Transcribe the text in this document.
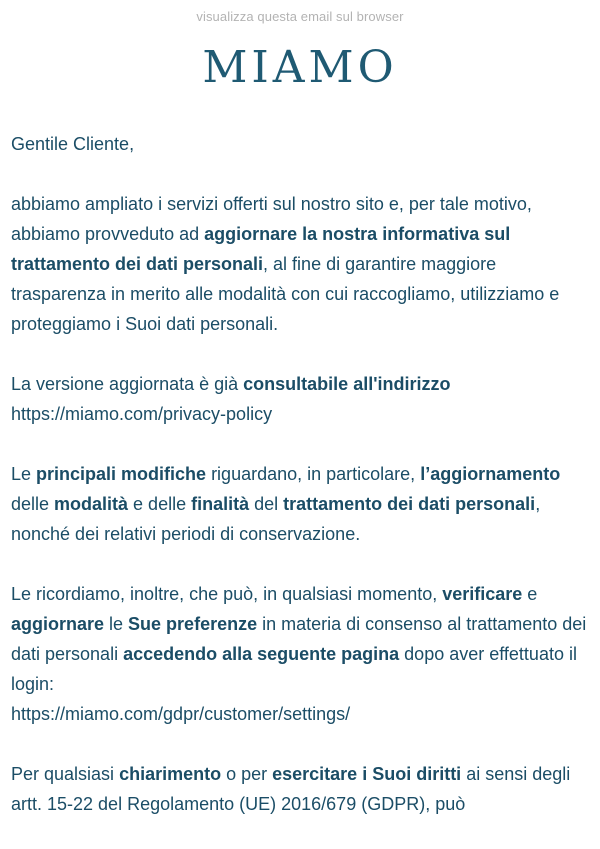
visualizza questa email sul browser
MIAMO

Gentile Cliente,

abbiamo ampliato i servizi offerti sul nostro sito e, per tale motivo, abbiamo provveduto ad aggiornare la nostra informativa sul trattamento dei dati personali, al fine di garantire maggiore trasparenza in merito alle modalità con cui raccogliamo, utilizziamo e proteggiamo i Suoi dati personali.

La versione aggiornata è già consultabile all'indirizzo
https://miamo.com/privacy-policy

Le principali modifiche riguardano, in particolare, l’aggiornamento delle modalità e delle finalità del trattamento dei dati personali, nonché dei relativi periodi di conservazione.

Le ricordiamo, inoltre, che può, in qualsiasi momento, verificare e aggiornare le Sue preferenze in materia di consenso al trattamento dei dati personali accedendo alla seguente pagina dopo aver effettuato il login:
https://miamo.com/gdpr/customer/settings/

Per qualsiasi chiarimento o per esercitare i Suoi diritti ai sensi degli artt. 15-22 del Regolamento (UE) 2016/679 (GDPR), può
